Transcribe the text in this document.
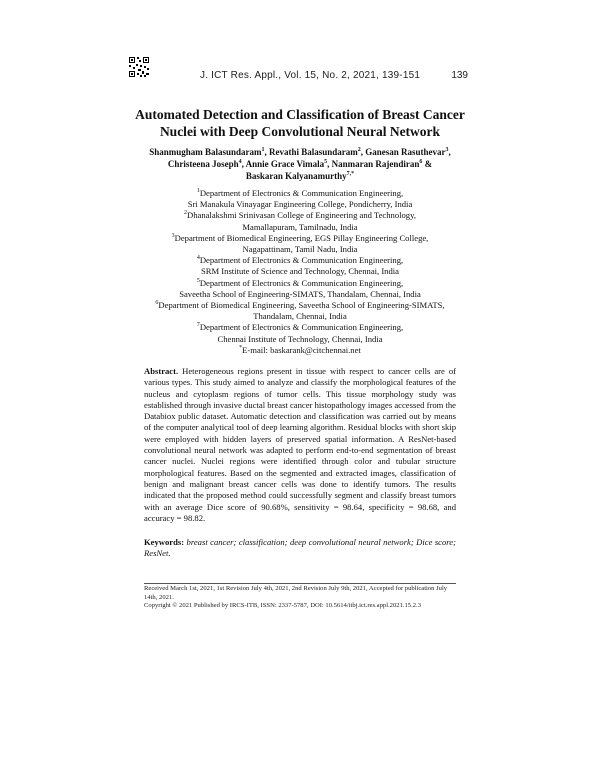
J. ICT Res. Appl., Vol. 15, No. 2, 2021, 139-151	139
Automated Detection and Classification of Breast Cancer
Nuclei with Deep Convolutional Neural Network
Shanmugham Balasundaram$^1$, Revathi Balasundaram$^2$, Ganesan Rasuthevar$^3$,
Christeena Joseph$^4$, Annie Grace Vimala$^5$, Nanmaran Rajendiran$^6$ &
Baskaran Kalyanamurthy$^{7,*}$

$^1$Department of Electronics & Communication Engineering,

Sri Manakula Vinayagar Engineering College, Pondicherry, India

$^2$Dhanalakshmi Srinivasan College of Engineering and Technology,

Mamallapuram, Tamilnadu, India

$^3$Department of Biomedical Engineering, EGS Pillay Engineering College,

Nagapattinam, Tamil Nadu, India

$^4$Department of Electronics & Communication Engineering,

SRM Institute of Science and Technology, Chennai, India

$^5$Department of Electronics & Communication Engineering,

Saveetha School of Engineering-SIMATS, Thandalam, Chennai, India

$^6$Department of Biomedical Engineering, Saveetha School of Engineering-SIMATS,

Thandalam, Chennai, India

$^7$Department of Electronics & Communication Engineering,

Chennai Institute of Technology, Chennai, India

*E-mail: baskarank@citchennai.net

Abstract. Heterogeneous regions present in tissue with respect to cancer cells are of various types. This study aimed to analyze and classify the morphological features of the nucleus and cytoplasm regions of tumor cells. This tissue morphology study was established through invasive ductal breast cancer histopathology images accessed from the Databiox public dataset. Automatic detection and classification was carried out by means of the computer analytical tool of deep learning algorithm. Residual blocks with short skip were employed with hidden layers of preserved spatial information. A ResNet-based convolutional neural network was adapted to perform end-to-end segmentation of breast cancer nuclei. Nuclei regions were identified through color and tubular structure morphological features. Based on the segmented and extracted images, classification of benign and malignant breast cancer cells was done to identify tumors. The results indicated that the proposed method could successfully segment and classify breast tumors with an average Dice score of 90.68%, sensitivity = 98.64, specificity = 98.68, and accuracy = 98.82.
Keywords: breast cancer; classification; deep convolutional neural network; Dice score; ResNet.

Received March 1st, 2021, 1st Revision July 4th, 2021, 2nd Revision July 9th, 2021, Accepted for publication July 14th, 2021.

Copyright © 2021 Published by IRCS-ITB, ISSN: 2337-5787, DOI: 10.5614/itbj.ict.res.appl.2021.15.2.3
